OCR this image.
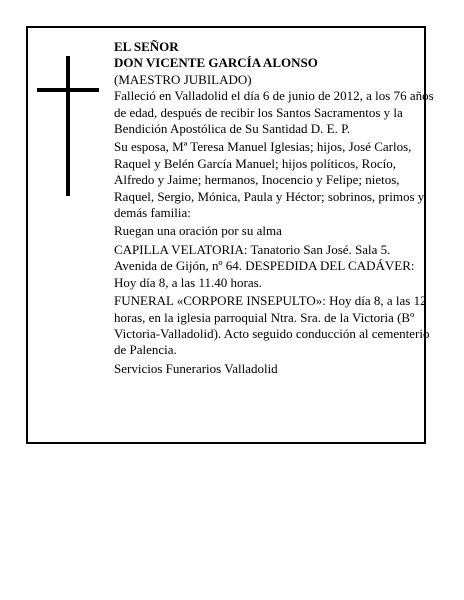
EL SEÑOR
DON VICENTE GARCÍA ALONSO
(MAESTRO JUBILADO)
Falleció en Valladolid el día 6 de junio de 2012, a los 76 años de edad, después de recibir los Santos Sacramentos y la Bendición Apostólica de Su Santidad D. E. P.
Su esposa, Mª Teresa Manuel Iglesias; hijos, José Carlos, Raquel y Belén García Manuel; hijos políticos, Rocío, Alfredo y Jaime; hermanos, Inocencio y Felipe; nietos, Raquel, Sergio, Mónica, Paula y Héctor; sobrinos, primos y demás familia:
Ruegan una oración por su alma
CAPILLA VELATORIA: Tanatorio San José. Sala 5. Avenida de Gijón, nº 64. DESPEDIDA DEL CADÁVER: Hoy día 8, a las 11.40 horas.
FUNERAL «CORPORE INSEPULTO»: Hoy día 8, a las 12 horas, en la iglesia parroquial Ntra. Sra. de la Victoria (Bº Victoria-Valladolid). Acto seguido conducción al cementerio de Palencia.
Servicios Funerarios Valladolid
